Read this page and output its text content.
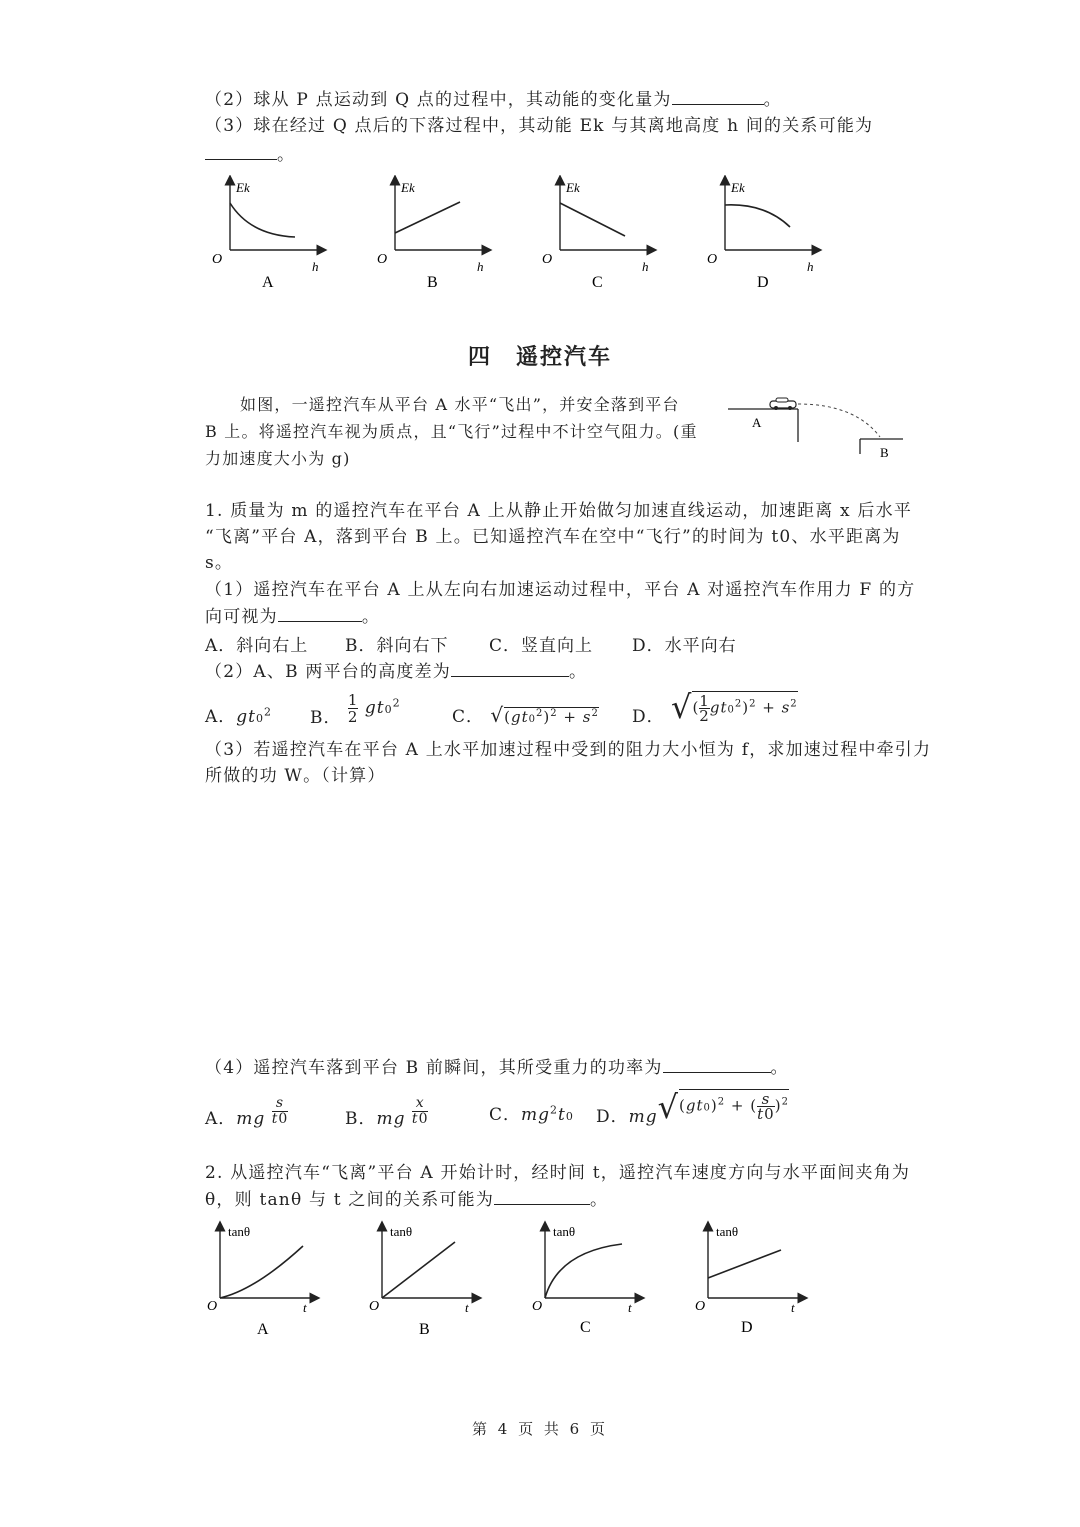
（2）球从 P 点运动到 Q 点的过程中，其动能的变化量为	。
（3）球在经过 Q 点后的下落过程中，其动能 Ek 与其离地高度 h 间的关系可能为
。
Ek
O	h
A
Ek
O	h
B
Ek
O	h
C
Ek
O	h
D
四　遥控汽车
如图，一遥控汽车从平台 A 水平“飞出”，并安全落到平台
B 上。将遥控汽车视为质点，且“飞行”过程中不计空气阻力。(重
力加速度大小为 g)
A
B
1. 质量为 m 的遥控汽车在平台 A 上从静止开始做匀加速直线运动，加速距离 x 后水平
“飞离”平台 A，落到平台 B 上。已知遥控汽车在空中“飞行”的时间为 t0、水平距离为
s。
（1）遥控汽车在平台 A 上从左向右加速运动过程中，平台 A 对遥控汽车作用力 F 的方
向可视为	。
A．斜向右上 B．斜向右下 C．竖直向上 D．水平向右
（2）A、B 两平台的高度差为	。
A．$gt0^2$ B． $\frac{1}{2} gt0^2$
C． $√(gt0^2)^2 + s^2$ D． √( $\frac{1}{2} gt0^2)^2 + s^2$
（3）若遥控汽车在平台 A 上水平加速过程中受到的阻力大小恒为 f，求加速过程中牵引力
所做的功 W。（计算）
（4）遥控汽车落到平台 B 前瞬间，其所受重力的功率为	。
A．mg $\frac{s}{t0}$	B．mg $\frac{x}{t0}$	C．$mg^2t0$ D．$mg√(gt0)^2$ + ( $\frac{s}{t0} )^2$
2. 从遥控汽车“飞离”平台 A 开始计时，经时间 t，遥控汽车速度方向与水平面间夹角为
θ，则 tanθ 与 t 之间的关系可能为	。
tanθ
O	t
A
tanθ
O	t
B
tanθ
O	t
C
tanθ
O	t
D
第 4 页 共 6 页
